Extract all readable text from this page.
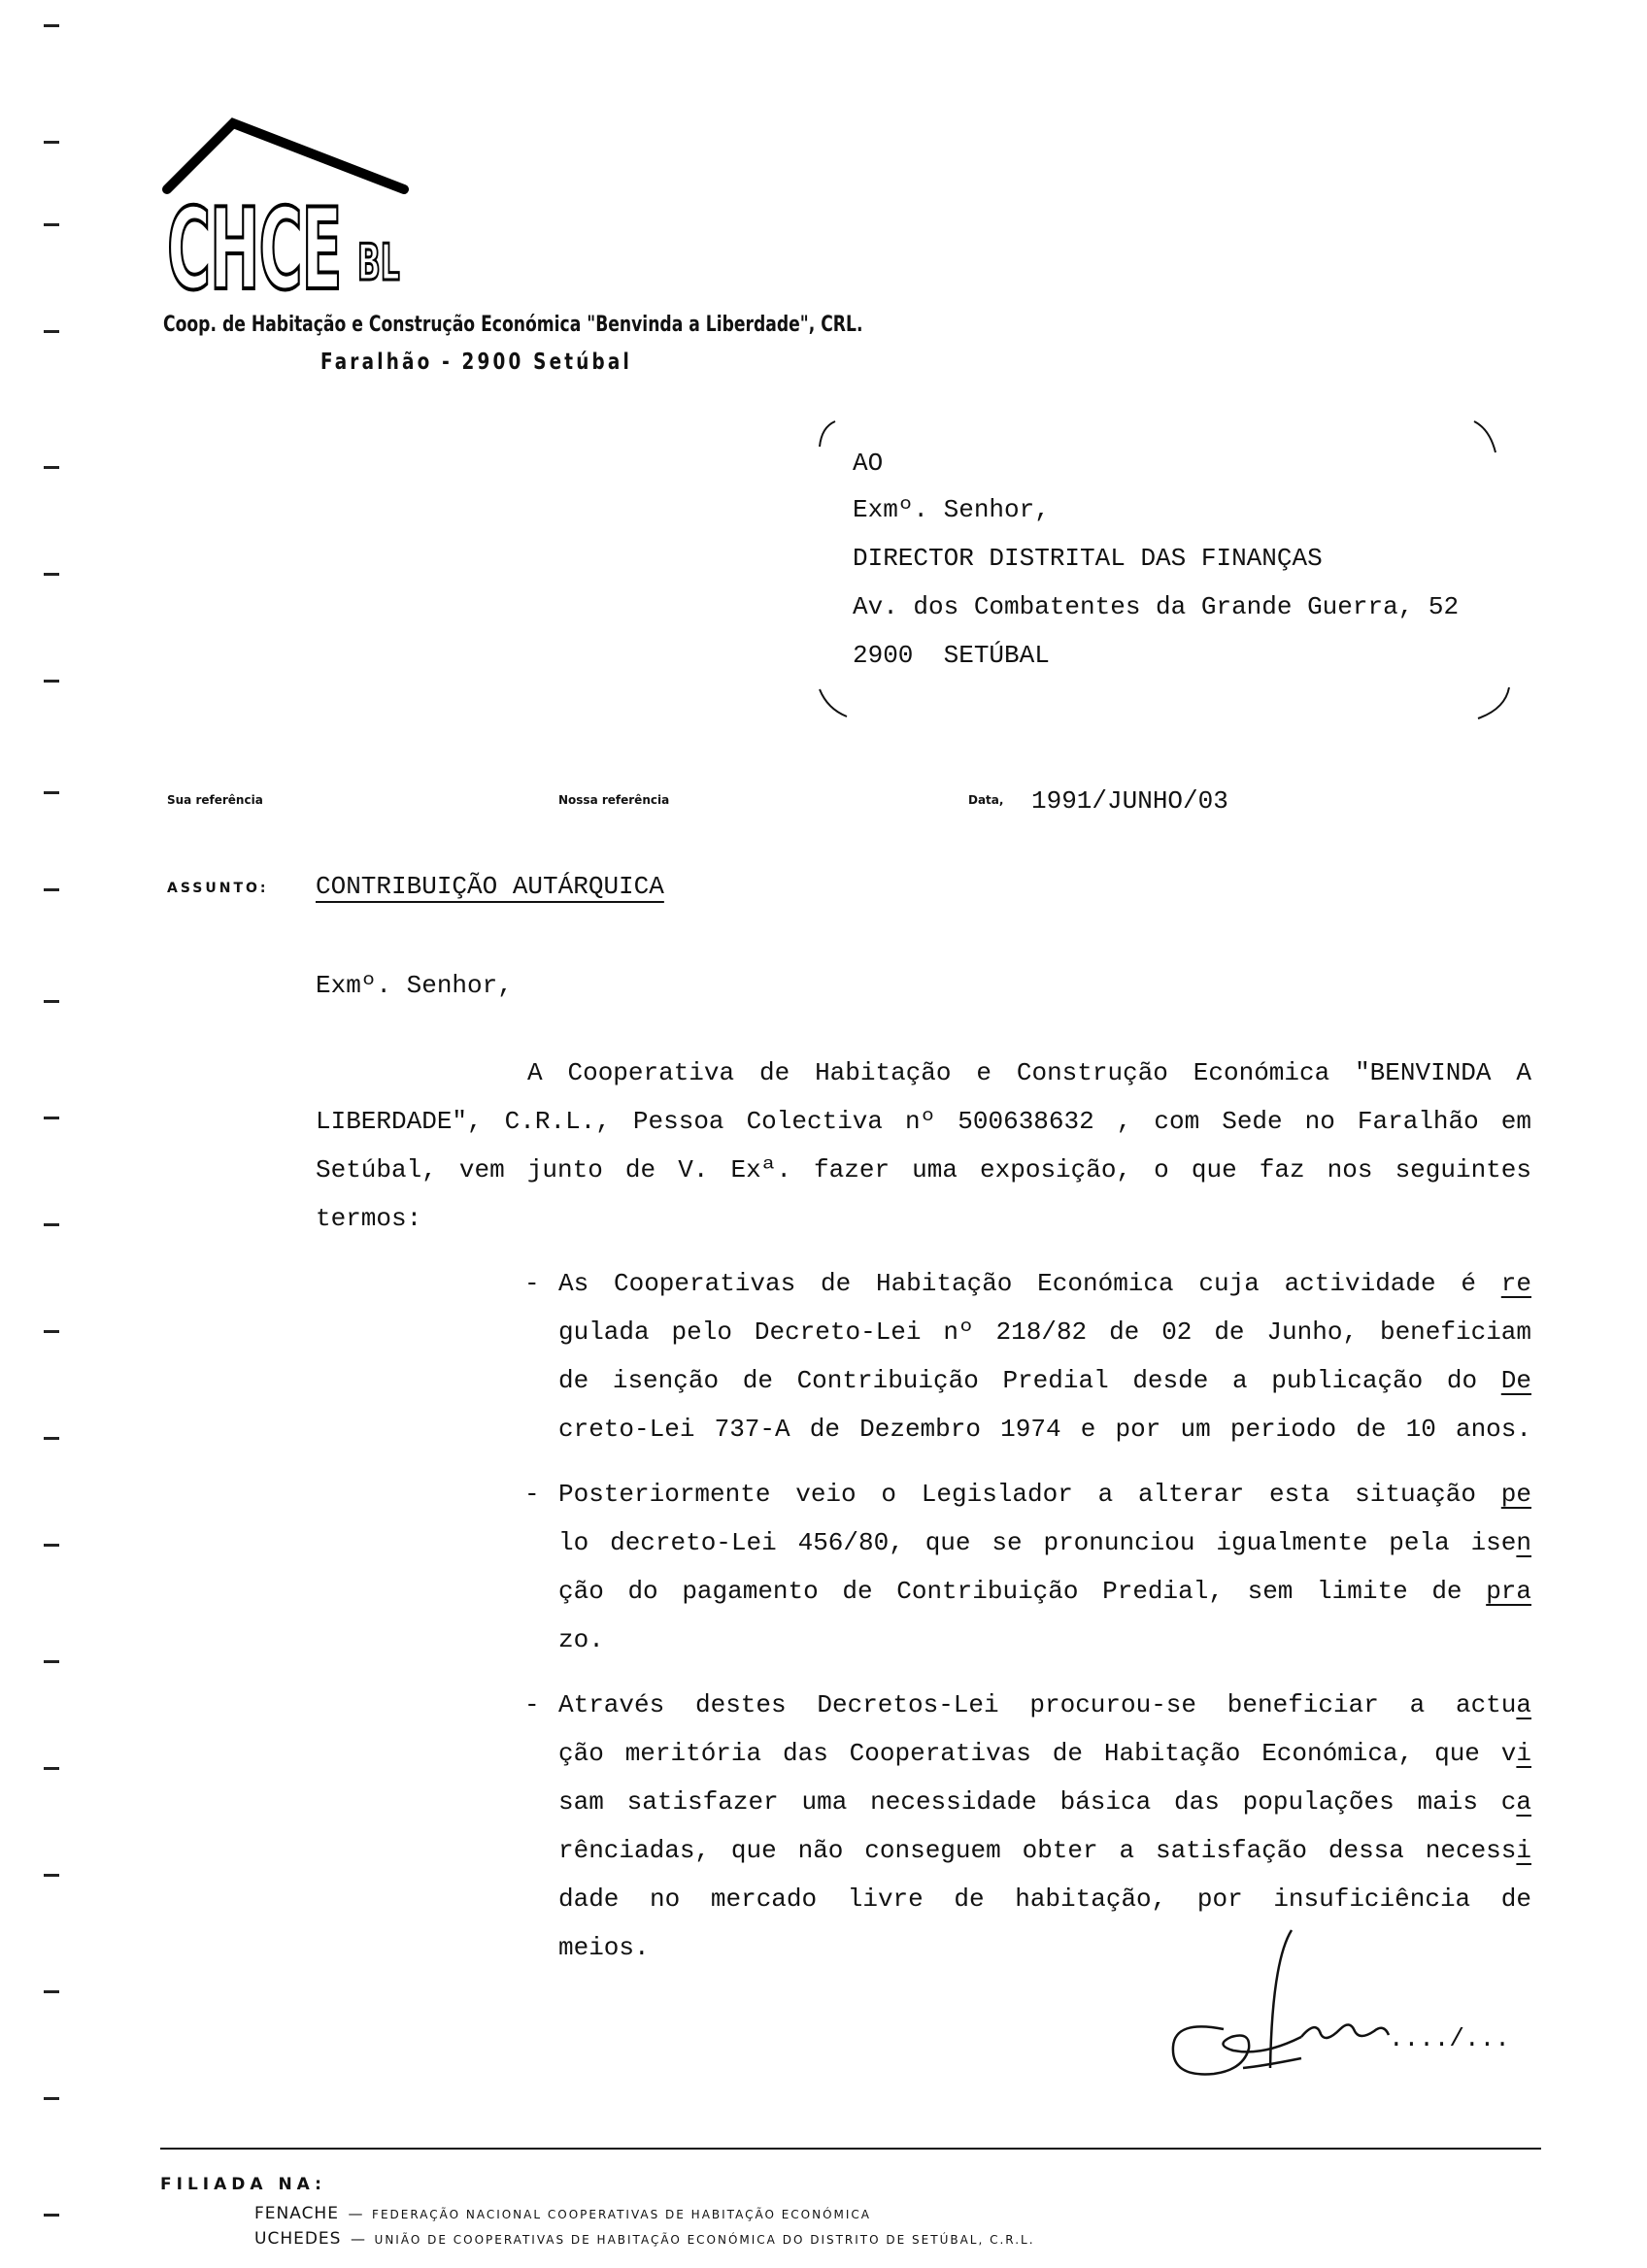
CHCE BL
Coop. de Habitação e Construção Económica "Benvinda a Liberdade", CRL.
Faralhão - 2900 Setúbal
AO
Exmº. Senhor,
DIRECTOR DISTRITAL DAS FINANÇAS
Av. dos Combatentes da Grande Guerra, 52
2900  SETÚBAL
Sua referência	Nossa referência	Data, 1991/JUNHO/03
ASSUNTO: CONTRIBUIÇÃO AUTÁRQUICA
Exmº. Senhor,
A Cooperativa de Habitação e Construção Económica "BENVINDA A
LIBERDADE", C.R.L., Pessoa Colectiva nº 500638632 , com Sede no Faralhão em
Setúbal, vem junto de V. Exª. fazer uma exposição, o que faz nos seguintes
termos:
- As Cooperativas de Habitação Económica cuja actividade é re
gulada pelo Decreto-Lei nº 218/82 de 02 de Junho, beneficiam
de isenção de Contribuição Predial desde a publicação do De
creto-Lei 737-A de Dezembro 1974 e por um periodo de 10 anos.
- Posteriormente veio o Legislador a alterar esta situação pe
lo decreto-Lei 456/80, que se pronunciou igualmente pela isen
ção do pagamento de Contribuição Predial, sem limite de pra
zo.
- Através destes Decretos-Lei procurou-se beneficiar a actua
ção meritória das Cooperativas de Habitação Económica, que vi
sam satisfazer uma necessidade básica das populações mais ca
rênciadas, que não conseguem obter a satisfação dessa necessi
dade no mercado livre de habitação, por insuficiência de
meios.
..../...
FILIADA NA:
FENACHE  —  FEDERAÇÃO NACIONAL COOPERATIVAS DE HABITAÇÃO ECONÓMICA
UCHEDES  —  UNIÃO DE COOPERATIVAS DE HABITAÇÃO ECONÓMICA DO DISTRITO DE SETÚBAL, C.R.L.
